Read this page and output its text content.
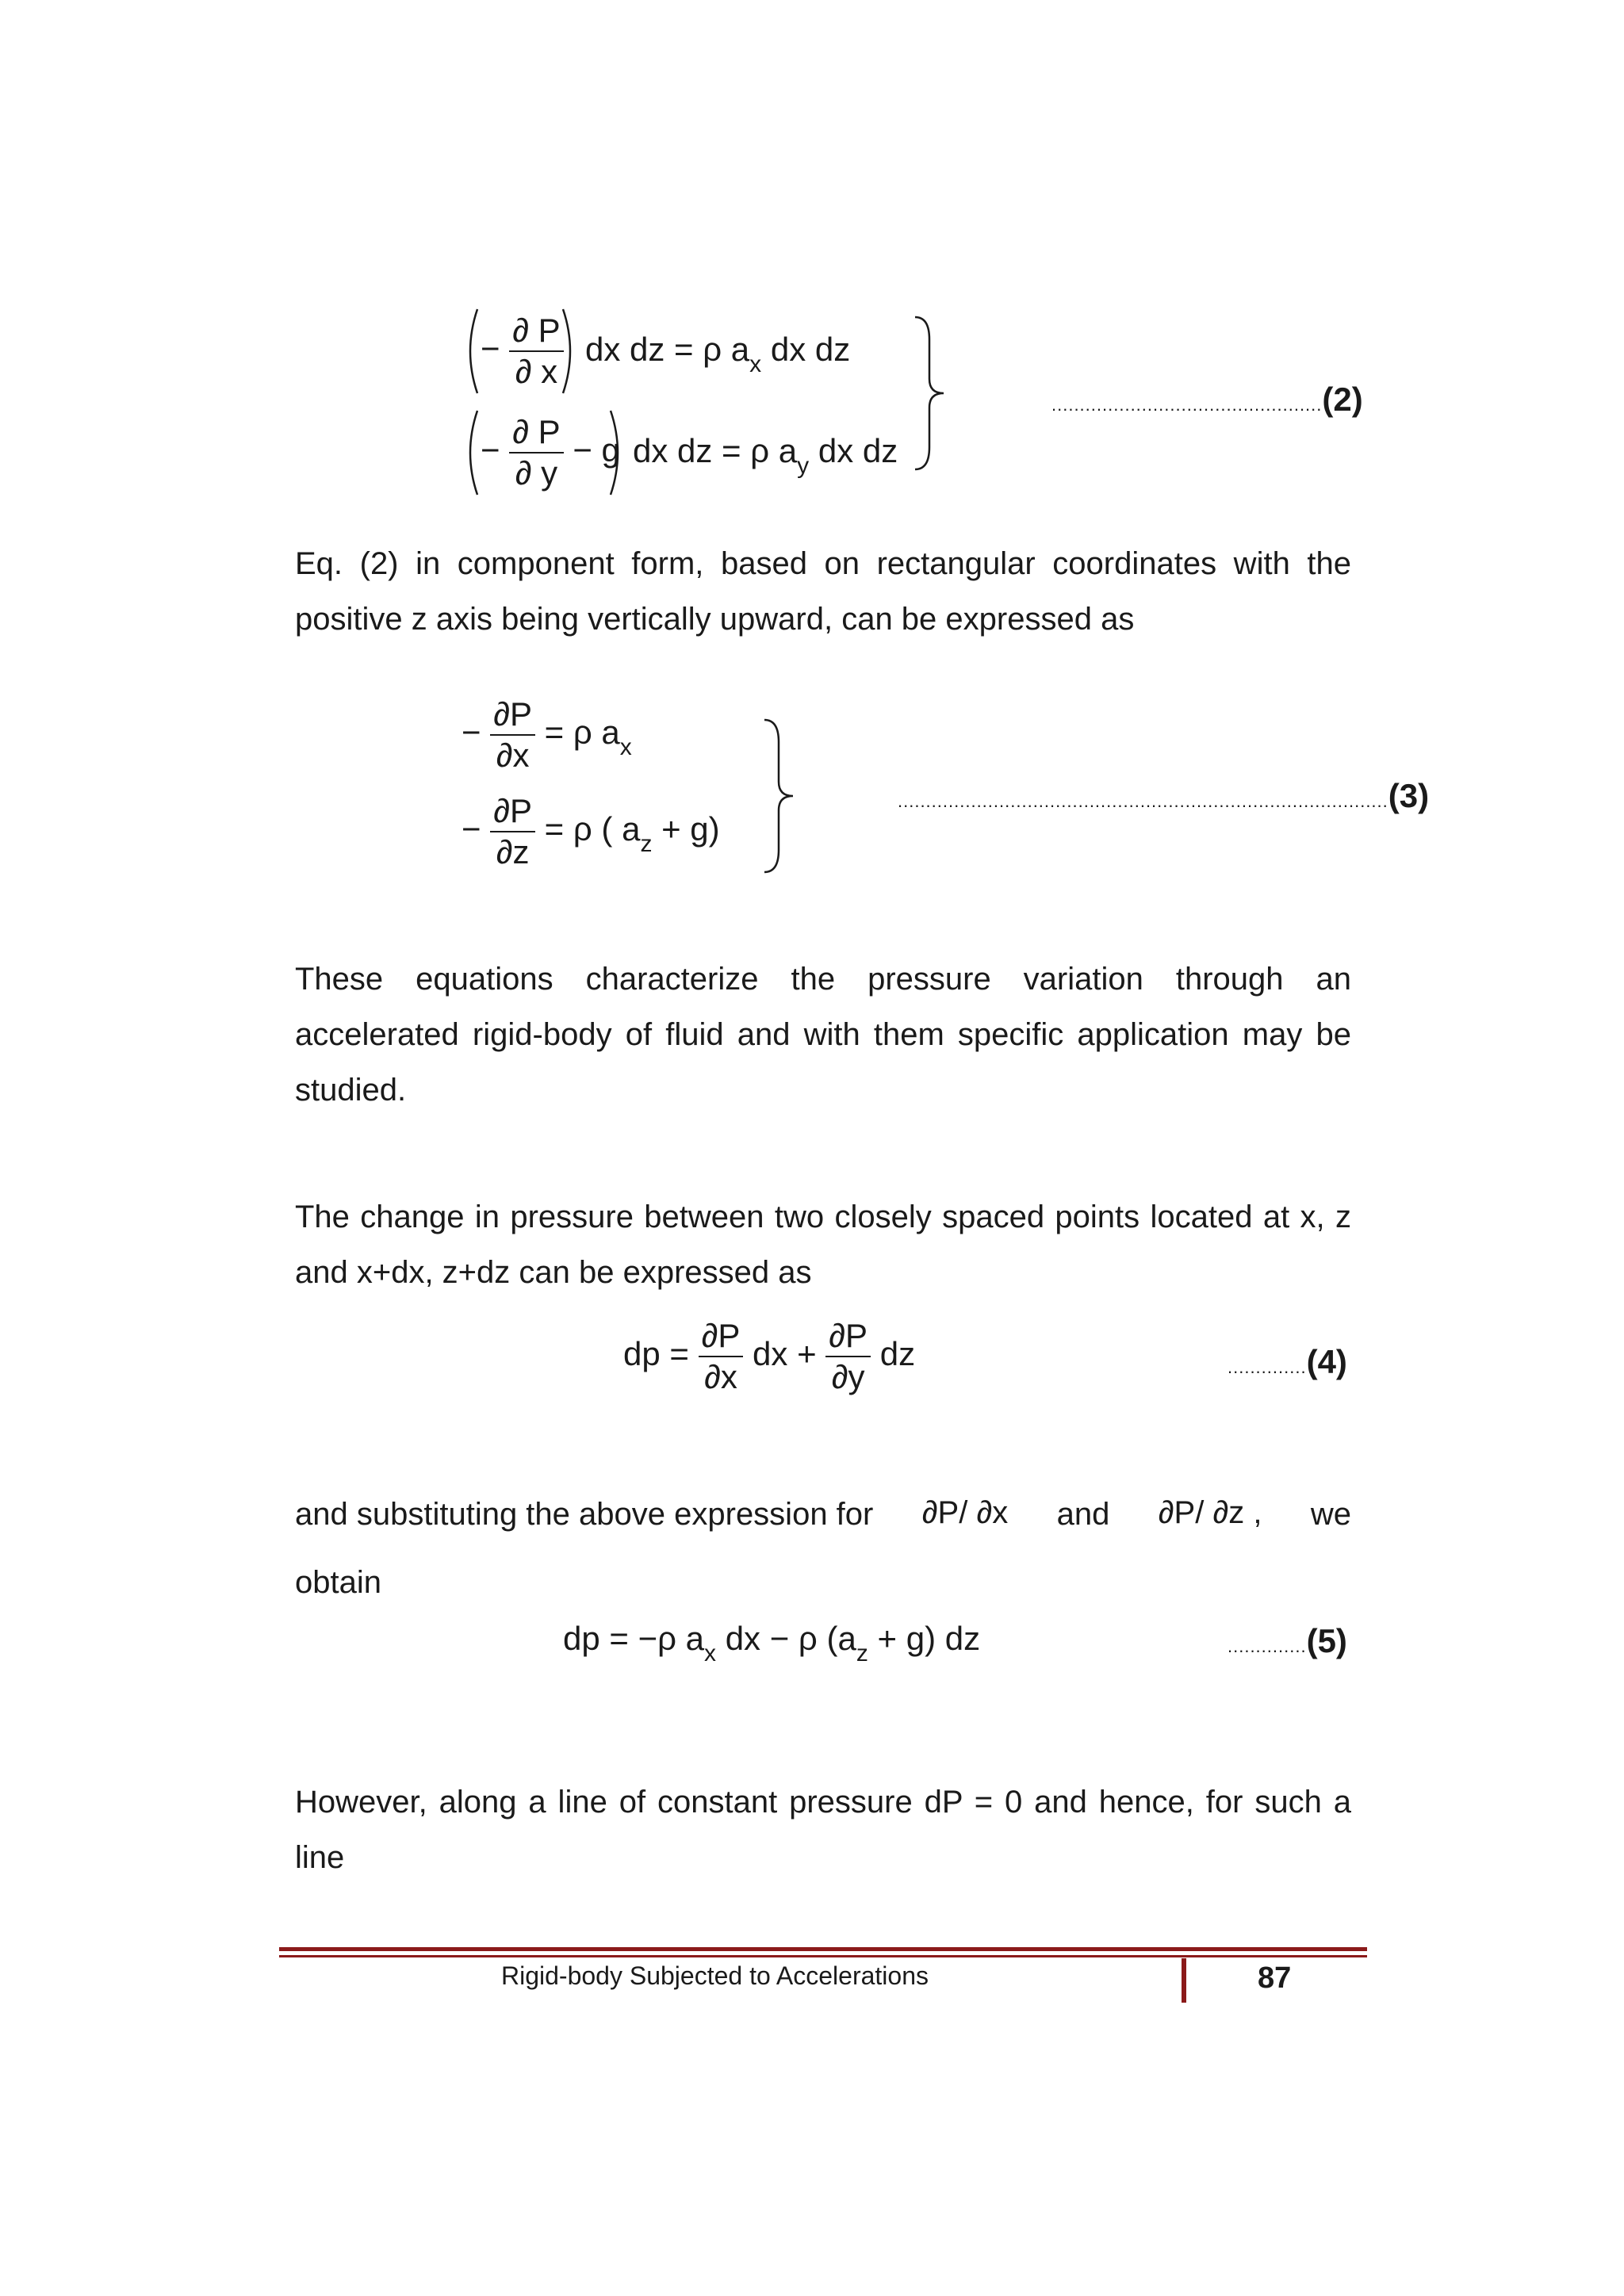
− $\frac{\partial P}{\partial x}$ dx dz = ρ $a_x$ dx dz
− $\frac{\partial P}{\partial y} - g$ dx dz = ρ $a_y$ dx dz
................................................(2)
Eq. (2) in component form, based on rectangular coordinates with the positive z axis being vertically upward, can be expressed as
− $\frac{\partial P}{\partial x} = \rho$ $a_x$
− $\frac{\partial P}{\partial z} = \rho$ ( $a_z + g$)
.......................................................................................(3)
These equations characterize the pressure variation through an accelerated rigid-body of fluid and with them specific application may be studied.
The change in pressure between two closely spaced points located at x, z and x+dx, z+dz can be expressed as
dp = $\frac{\partial P}{\partial x}$ dx + $\frac{\partial P}{\partial y}$ dz	..............(4)
and substituting the above expression for ∂P/ ∂x and ∂P/ ∂z , we
obtain
dp = −ρ $a_x$ dx − ρ $(a_z + g)$ dz	..............(5)
However, along a line of constant pressure dP = 0 and hence, for such a line
Rigid-body Subjected to Accelerations	87
